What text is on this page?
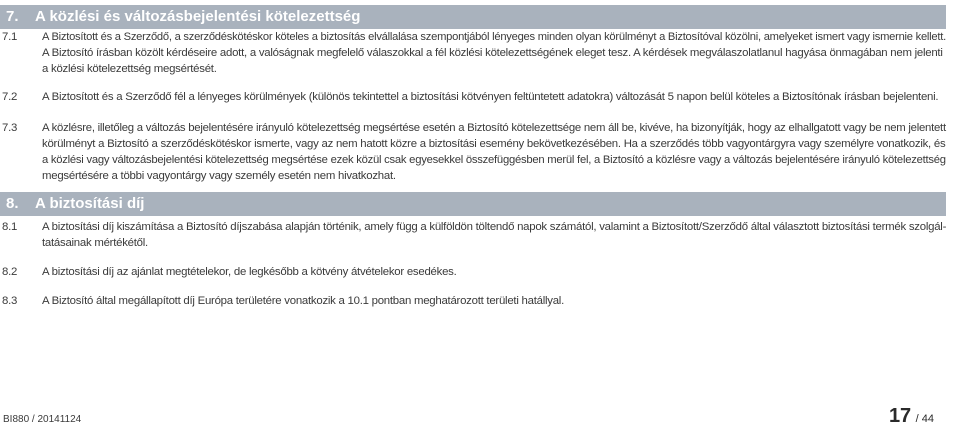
7. A közlési és változásbejelentési kötelezettség
7.1 A Biztosított és a Szerződő, a szerződéskötéskor köteles a biztosítás elvállalása szempontjából lényeges minden olyan körülményt a Biztosítóval közölni, amelyeket ismert vagy ismernie kellett.
A Biztosító írásban közölt kérdéseire adott, a valóságnak megfelelő válaszokkal a fél közlési kötelezettségének eleget tesz. A kérdések megválaszolatlanul hagyása önmagában nem jelenti
a közlési kötelezettség megsértését.
7.2 A Biztosított és a Szerződő fél a lényeges körülmények (különös tekintettel a biztosítási kötvényen feltüntetett adatokra) változását 5 napon belül köteles a Biztosítónak írásban bejelenteni.
7.3 A közlésre, illetőleg a változás bejelentésére irányuló kötelezettség megsértése esetén a Biztosító kötelezettsége nem áll be, kivéve, ha bizonyítják, hogy az elhallgatott vagy be nem jelentett
körülményt a Biztosító a szerződéskötéskor ismerte, vagy az nem hatott közre a biztosítási esemény bekövetkezésében. Ha a szerződés több vagyontárgyra vagy személyre vonatkozik, és
a közlési vagy változásbejelentési kötelezettség megsértése ezek közül csak egyesekkel összefüggésben merül fel, a Biztosító a közlésre vagy a változás bejelentésére irányuló kötelezettség
megsértésére a többi vagyontárgy vagy személy esetén nem hivatkozhat.
8. A biztosítási díj
8.1 A biztosítási díj kiszámítása a Biztosító díjszabása alapján történik, amely függ a külföldön töltendő napok számától, valamint a Biztosított/Szerződő által választott biztosítási termék szolgál-
tatásainak mértékétől.
8.2 A biztosítási díj az ajánlat megtételekor, de legkésőbb a kötvény átvételekor esedékes.
8.3 A Biztosító által megállapított díj Európa területére vonatkozik a 10.1 pontban meghatározott területi hatállyal.
BI880 / 20141124	17 / 44
